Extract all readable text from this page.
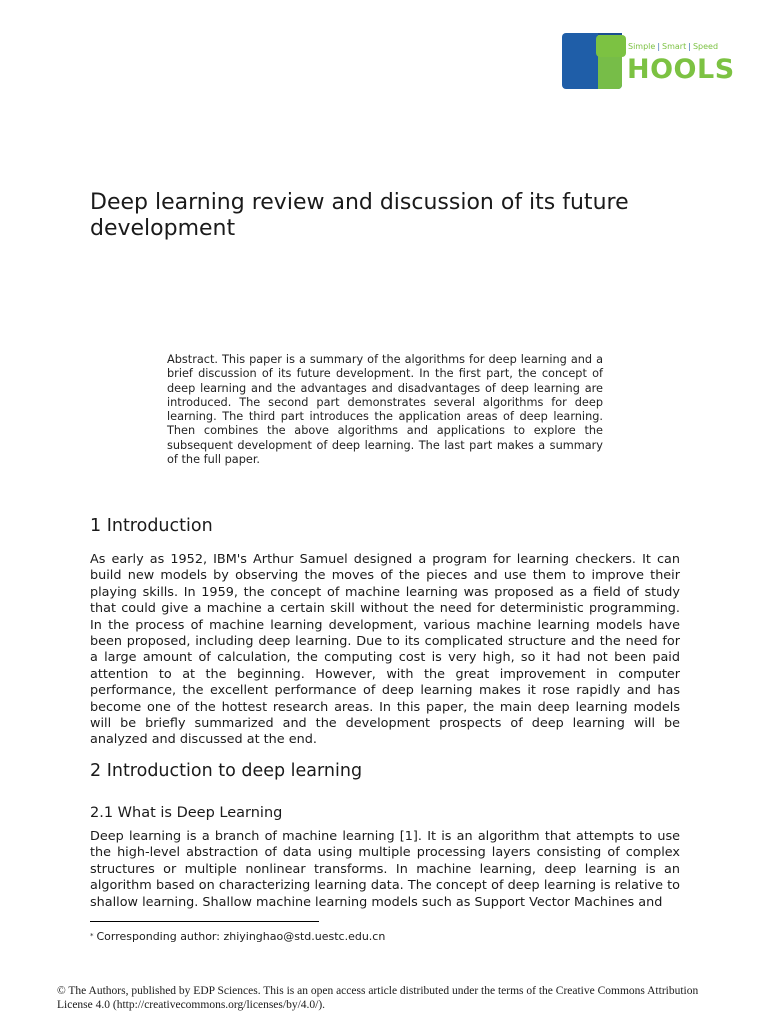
Simple | Smart | Speed
HOOLS
Deep learning review and discussion of its future development

Abstract. This paper is a summary of the algorithms for deep learning and a brief discussion of its future development. In the first part, the concept of deep learning and the advantages and disadvantages of deep learning are introduced. The second part demonstrates several algorithms for deep learning. The third part introduces the application areas of deep learning. Then combines the above algorithms and applications to explore the subsequent development of deep learning. The last part makes a summary of the full paper.

1 Introduction

As early as 1952, IBM's Arthur Samuel designed a program for learning checkers. It can build new models by observing the moves of the pieces and use them to improve their playing skills. In 1959, the concept of machine learning was proposed as a field of study that could give a machine a certain skill without the need for deterministic programming. In the process of machine learning development, various machine learning models have been proposed, including deep learning. Due to its complicated structure and the need for a large amount of calculation, the computing cost is very high, so it had not been paid attention to at the beginning. However, with the great improvement in computer performance, the excellent performance of deep learning makes it rose rapidly and has become one of the hottest research areas. In this paper, the main deep learning models will be briefly summarized and the development prospects of deep learning will be analyzed and discussed at the end.

2 Introduction to deep learning
2.1 What is Deep Learning

Deep learning is a branch of machine learning [1]. It is an algorithm that attempts to use the high-level abstraction of data using multiple processing layers consisting of complex structures or multiple nonlinear transforms. In machine learning, deep learning is an algorithm based on characterizing learning data. The concept of deep learning is relative to shallow learning. Shallow machine learning models such as Support Vector Machines and

* Corresponding author: zhiyinghao@std.uestc.edu.cn

© The Authors, published by EDP Sciences. This is an open access article distributed under the terms of the Creative Commons Attribution License 4.0 (http://creativecommons.org/licenses/by/4.0/).
